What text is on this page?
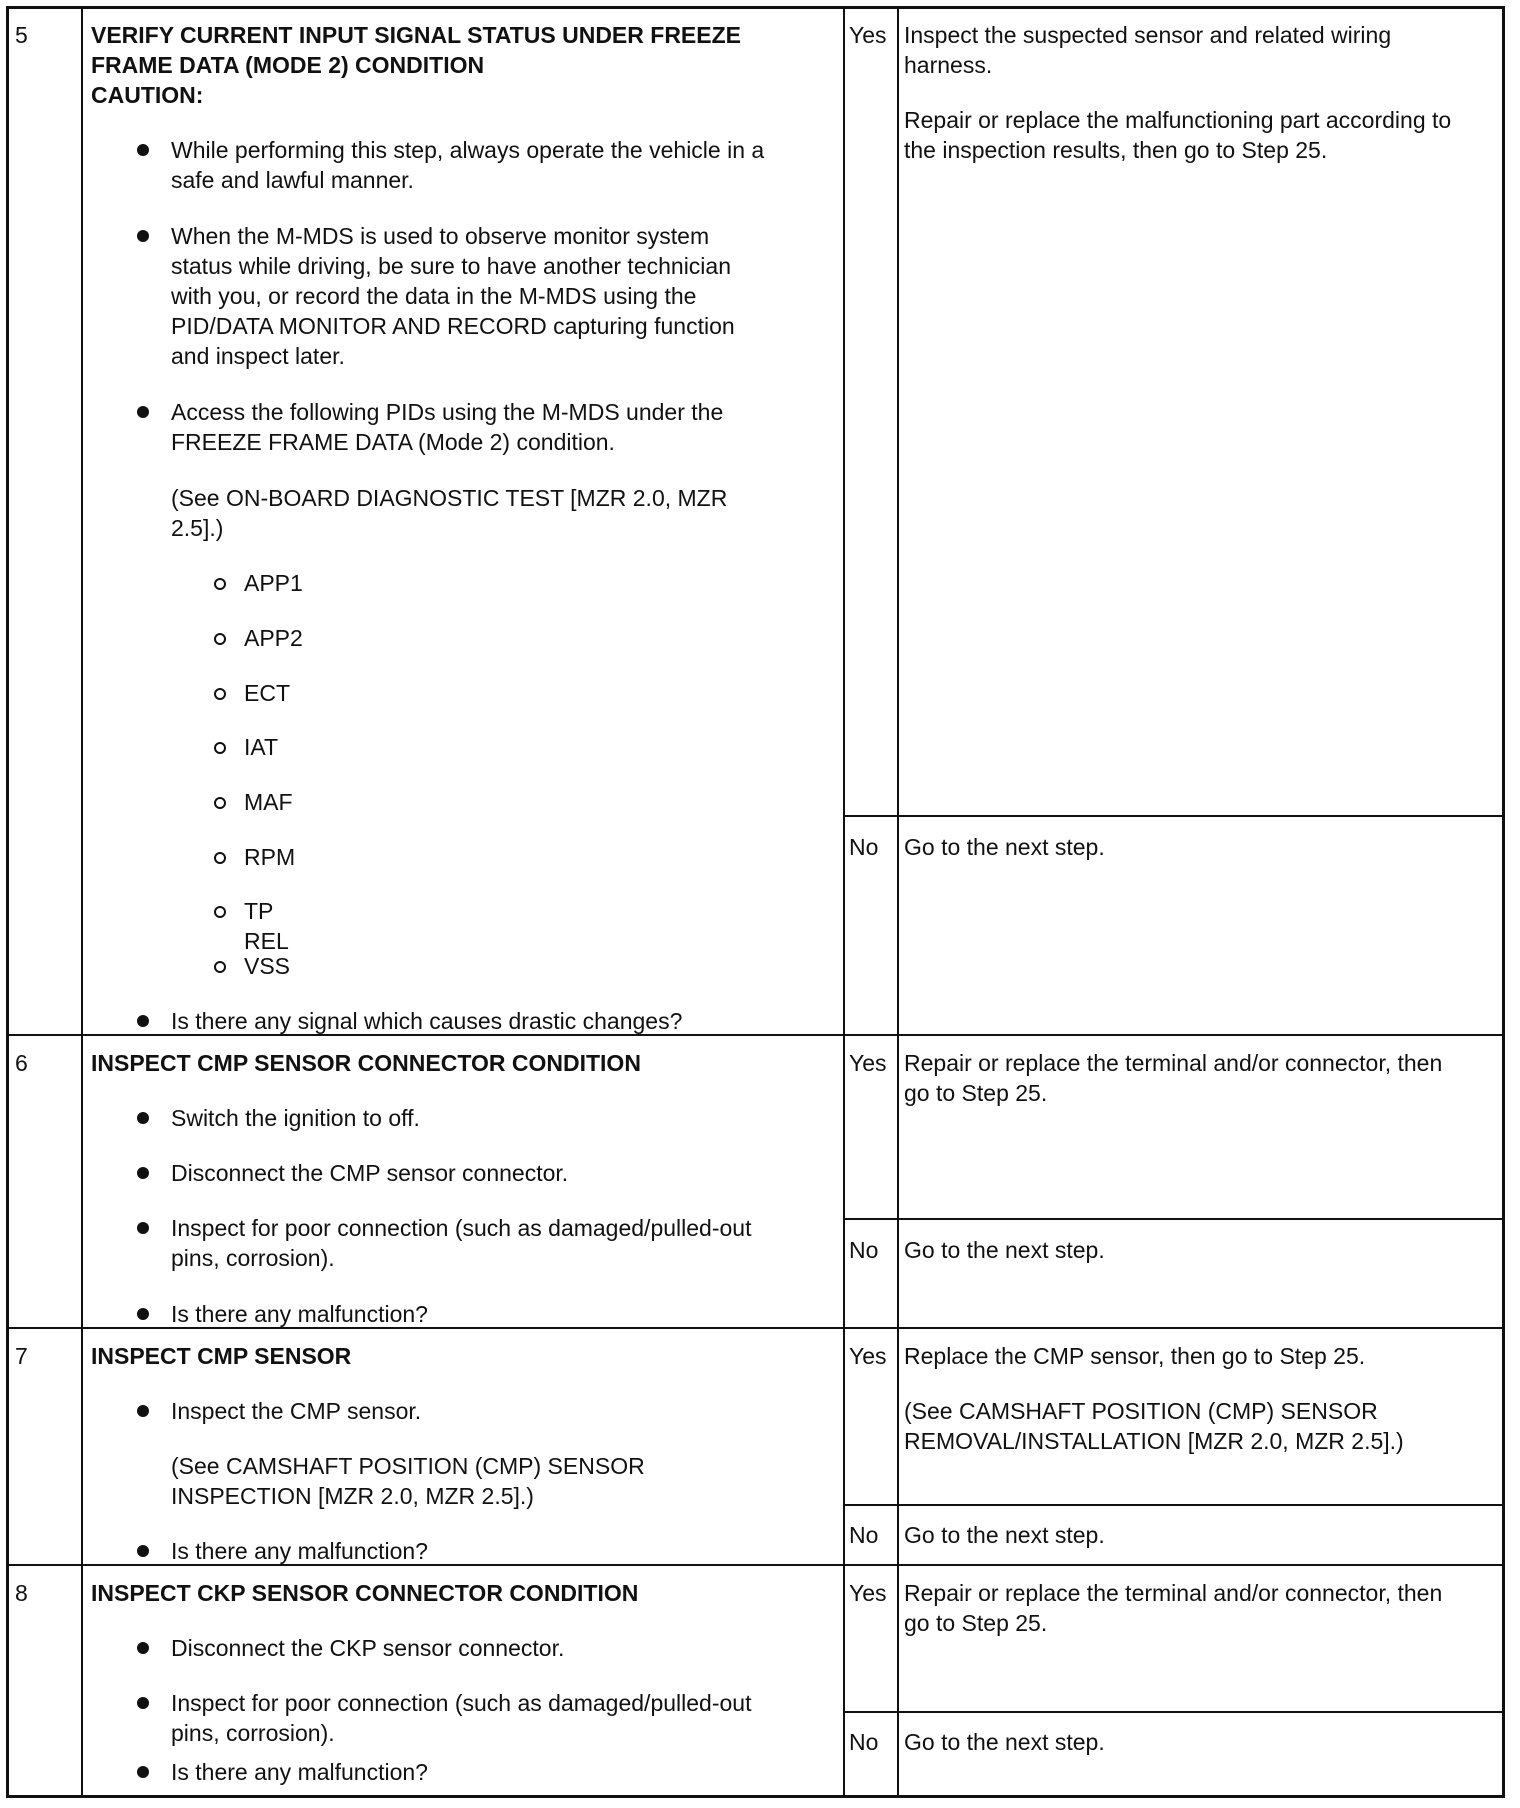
5	VERIFY CURRENT INPUT SIGNAL STATUS UNDER FREEZE
FRAME DATA (MODE 2) CONDITION
CAUTION:
While performing this step, always operate the vehicle in a
safe and lawful manner.
When the M-MDS is used to observe monitor system
status while driving, be sure to have another technician
with you, or record the data in the M-MDS using the
PID/DATA MONITOR AND RECORD capturing function
and inspect later.
Access the following PIDs using the M-MDS under the
FREEZE FRAME DATA (Mode 2) condition.
(See ON-BOARD DIAGNOSTIC TEST [MZR 2.0, MZR
2.5].)
APP1
APP2
ECT
IAT
MAF
RPM
TP REL
VSS
Is there any signal which causes drastic changes?
Yes Inspect the suspected sensor and related wiring
harness.
Repair or replace the malfunctioning part according to
the inspection results, then go to Step 25.
No Go to the next step.
6	INSPECT CMP SENSOR CONNECTOR CONDITION
Switch the ignition to off.
Disconnect the CMP sensor connector.
Inspect for poor connection (such as damaged/pulled-out
pins, corrosion).
Is there any malfunction?
Yes Repair or replace the terminal and/or connector, then
go to Step 25.
No Go to the next step.
7	INSPECT CMP SENSOR
Inspect the CMP sensor.
(See CAMSHAFT POSITION (CMP) SENSOR
INSPECTION [MZR 2.0, MZR 2.5].)
Is there any malfunction?
Yes Replace the CMP sensor, then go to Step 25.
(See CAMSHAFT POSITION (CMP) SENSOR
REMOVAL/INSTALLATION [MZR 2.0, MZR 2.5].)
No Go to the next step.
8	INSPECT CKP SENSOR CONNECTOR CONDITION
Disconnect the CKP sensor connector.
Inspect for poor connection (such as damaged/pulled-out
pins, corrosion).
Is there any malfunction?
Yes Repair or replace the terminal and/or connector, then
go to Step 25.
No Go to the next step.
